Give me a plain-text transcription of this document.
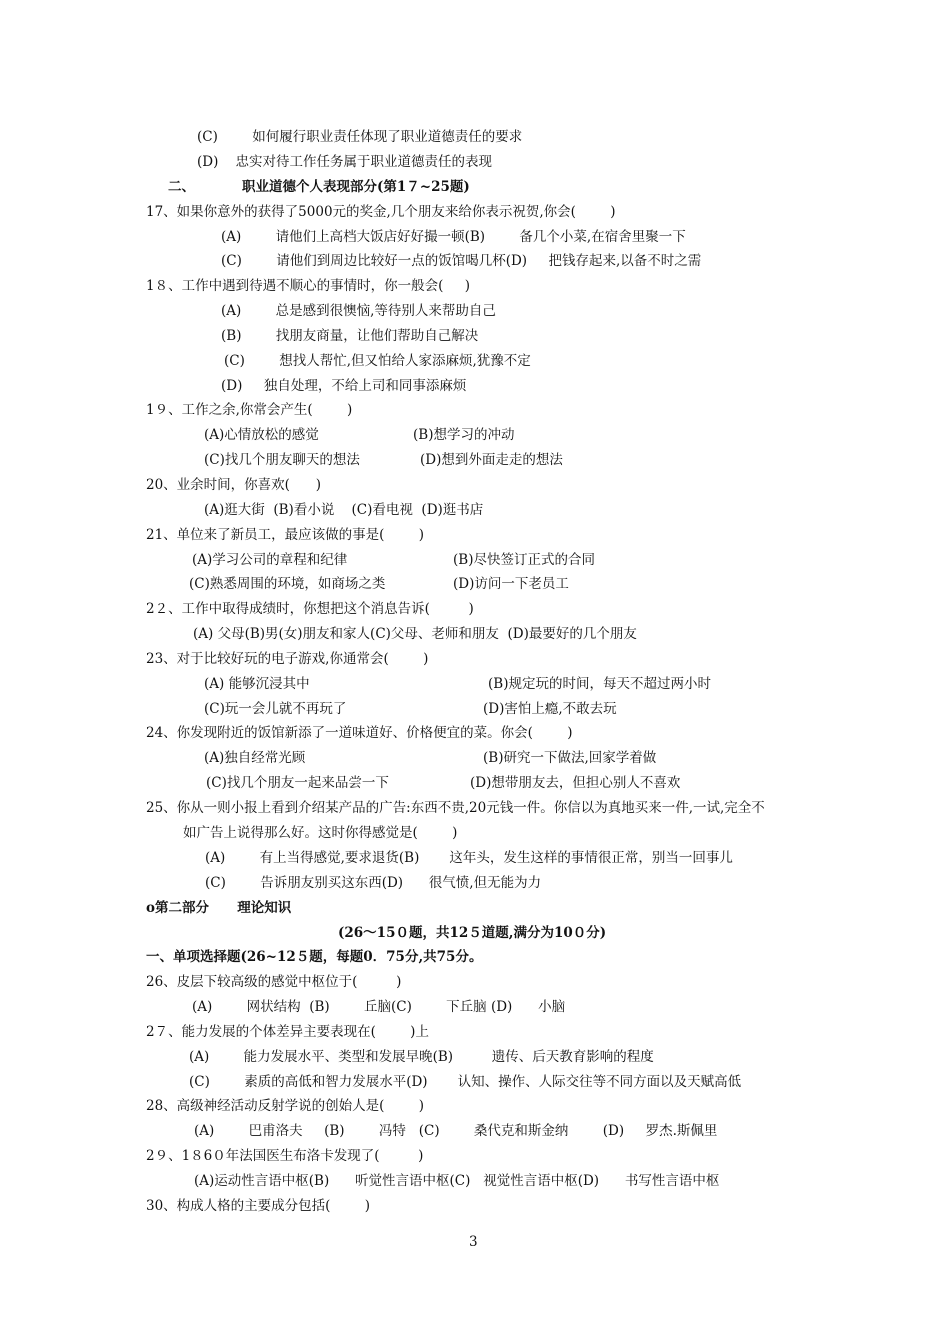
(C)        如何履行职业责任体现了职业道德责任的要求
(D)    忠实对待工作任务属于职业道德责任的表现
二、          职业道德个人表现部分(第1７~25题)
17、如果你意外的获得了5000元的奖金,几个朋友来给你表示祝贺,你会(        )
(A)        请他们上高档大饭店好好撮一顿(B)        备几个小菜,在宿舍里聚一下
(C)        请他们到周边比较好一点的饭馆喝几杯(D)     把钱存起来,以备不时之需
1８、工作中遇到待遇不顺心的事情时，你一般会(     )
(A)        总是感到很懊恼,等待别人来帮助自己
(B)        找朋友商量，让他们帮助自己解决
(C)        想找人帮忙,但又怕给人家添麻烦,犹豫不定
(D)     独自处理，不给上司和同事添麻烦
1９、工作之余,你常会产生(        )
(A)心情放松的感觉	(B)想学习的冲动
(C)找几个朋友聊天的想法	(D)想到外面走走的想法
20、业余时间，你喜欢(      )
(A)逛大街  (B)看小说    (C)看电视  (D)逛书店
21、单位来了新员工，最应该做的事是(        )
(A)学习公司的章程和纪律	(B)尽快签订正式的合同
(C)熟悉周围的环境，如商场之类	(D)访问一下老员工
2２、工作中取得成绩时，你想把这个消息告诉(         )
(A) 父母(B)男(女)朋友和家人(C)父母、老师和朋友  (D)最要好的几个朋友
23、对于比较好玩的电子游戏,你通常会(        )
(A) 能够沉浸其中	(B)规定玩的时间，每天不超过两小时
(C)玩一会儿就不再玩了	(D)害怕上瘾,不敢去玩
24、你发现附近的饭馆新添了一道味道好、价格便宜的菜。你会(        )
(A)独自经常光顾	(B)研究一下做法,回家学着做
(C)找几个朋友一起来品尝一下	(D)想带朋友去，但担心别人不喜欢
25、你从一则小报上看到介绍某产品的广告:东西不贵,20元钱一件。你信以为真地买来一件,一试,完全不
如广告上说得那么好。这时你得感觉是(        )
(A)        有上当得感觉,要求退货(B)       这年头，发生这样的事情很正常，别当一回事儿
(C)        告诉朋友别买这东西(D)      很气愤,但无能为力
o第二部分      理论知识
(26～15０题，共12５道题,满分为10０分)
一、单项选择题(26~12５题，每题0．75分,共75分。
26、皮层下较高级的感觉中枢位于(         )
(A)        网状结构  (B)        丘脑(C)        下丘脑 (D)      小脑
2７、能力发展的个体差异主要表现在(        )上
(A)        能力发展水平、类型和发展早晚(B)         遗传、后天教育影响的程度
(C)        素质的高低和智力发展水平(D)       认知、操作、人际交往等不同方面以及天赋高低
28、高级神经活动反射学说的创始人是(        )
(A)        巴甫洛夫     (B)        冯特   (C)        桑代克和斯金纳        (D)     罗杰.斯佩里
2９、1８6０年法国医生布洛卡发现了(         )
(A)运动性言语中枢(B)      听觉性言语中枢(C)   视觉性言语中枢(D)      书写性言语中枢
30、构成人格的主要成分包括(        )
3
